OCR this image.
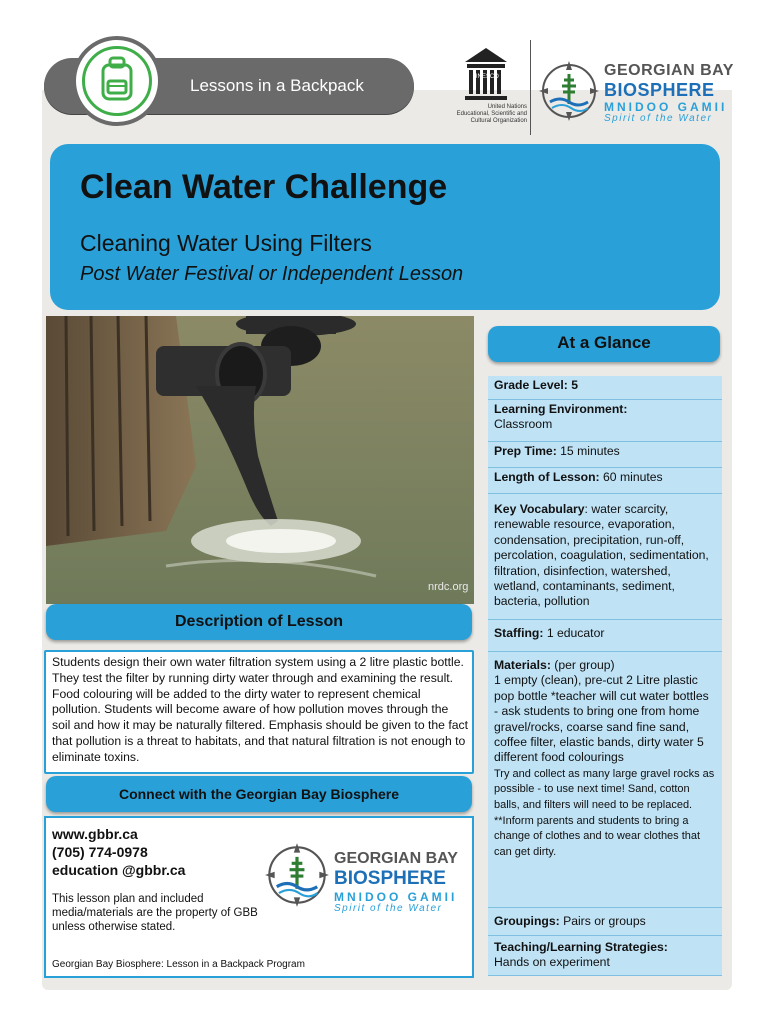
Lessons in a Backpack	UNESCO
United Nations
Educational, Scientific and
Cultural Organization
GEORGIAN BAY
BIOSPHERE
MNIDOO GAMII
Spirit of the Water
Clean Water Challenge
Cleaning Water Using Filters
Post Water Festival or Independent Lesson
nrdc.org
Description of Lesson
Students design their own water filtration system using a 2 litre plastic bottle. They test the filter by running dirty water through and examining the result. Food colouring will be added to the dirty water to represent chemical pollution. Students will become aware of how pollution moves through the soil and how it may be naturally filtered. Emphasis should be given to the fact that pollution is a threat to habitats, and that natural filtration is not enough to eliminate toxins.
Connect with the Georgian Bay Biosphere
www.gbbr.ca
(705) 774-0978
education @gbbr.ca
This lesson plan and included media/materials are the property of GBB unless otherwise stated.
Georgian Bay Biosphere: Lesson in a Backpack Program
GEORGIAN BAY
BIOSPHERE
MNIDOO GAMII
Spirit of the Water
At a Glance
Grade Level: 5
Learning Environment:
Classroom
Prep Time: 15 minutes
Length of Lesson: 60 minutes
Key Vocabulary: water scarcity, renewable resource, evaporation, condensation, precipitation, run-off, percolation, coagulation, sedimentation, filtration, disinfection, watershed, wetland, contaminants, sediment, bacteria, pollution
Staffing: 1 educator
Materials: (per group)
1 empty (clean), pre-cut 2 Litre plastic pop bottle *teacher will cut water bottles - ask students to bring one from home gravel/rocks, coarse sand fine sand, coffee filter, elastic bands, dirty water 5 different food colourings
Try and collect as many large gravel rocks as possible - to use next time! Sand, cotton balls, and filters will need to be replaced. **Inform parents and students to bring a change of clothes and to wear clothes that can get dirty.
Groupings: Pairs or groups
Teaching/Learning Strategies:
Hands on experiment
